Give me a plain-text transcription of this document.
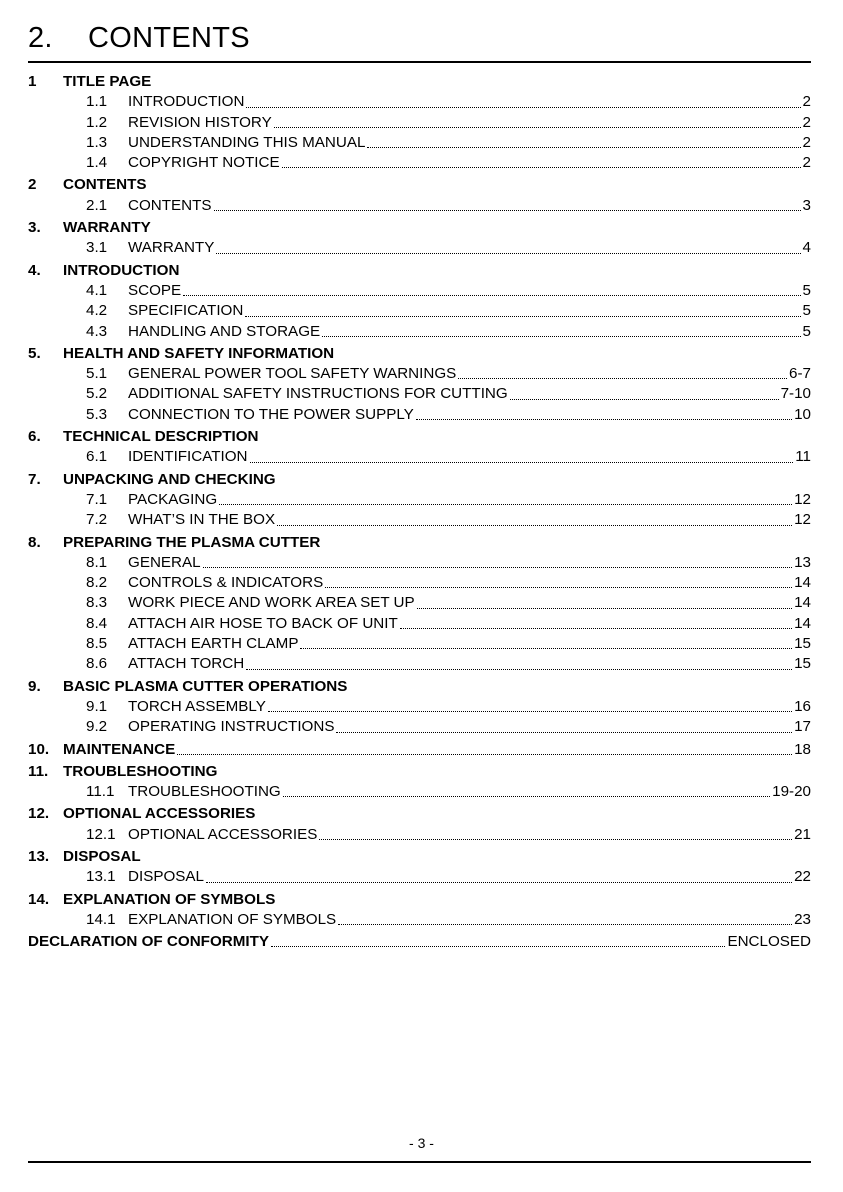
2. CONTENTS
1	TITLE PAGE
1.1	INTRODUCTION	2
1.2	REVISION HISTORY	2
1.3	UNDERSTANDING THIS MANUAL	2
1.4	COPYRIGHT NOTICE	2
2	CONTENTS
2.1	CONTENTS	3
3.	WARRANTY
3.1	WARRANTY	4
4.	INTRODUCTION
4.1	SCOPE	5
4.2	SPECIFICATION	5
4.3	HANDLING AND STORAGE	5
5.	HEALTH AND SAFETY INFORMATION
5.1	GENERAL POWER TOOL SAFETY WARNINGS	6-7
5.2	ADDITIONAL SAFETY INSTRUCTIONS FOR CUTTING	7-10
5.3	CONNECTION TO THE POWER SUPPLY	10
6.	TECHNICAL DESCRIPTION
6.1	IDENTIFICATION	11
7.	UNPACKING AND CHECKING
7.1	PACKAGING	12
7.2	WHAT’S IN THE BOX	12
8.	PREPARING THE PLASMA CUTTER
8.1	GENERAL	13
8.2	CONTROLS & INDICATORS	14
8.3	WORK PIECE AND WORK AREA SET UP	14
8.4	ATTACH AIR HOSE TO BACK OF UNIT	14
8.5	ATTACH EARTH CLAMP	15
8.6	ATTACH TORCH	15
9.	BASIC PLASMA CUTTER OPERATIONS
9.1	TORCH ASSEMBLY	16
9.2	OPERATING INSTRUCTIONS	17
10. MAINTENANCE	18
11. TROUBLESHOOTING
11.1 TROUBLESHOOTING	19-20
12. OPTIONAL ACCESSORIES
12.1 OPTIONAL ACCESSORIES	21
13. DISPOSAL
13.1 DISPOSAL	22
14. EXPLANATION OF SYMBOLS
14.1 EXPLANATION OF SYMBOLS	23
DECLARATION OF CONFORMITY	ENCLOSED
- 3 -
